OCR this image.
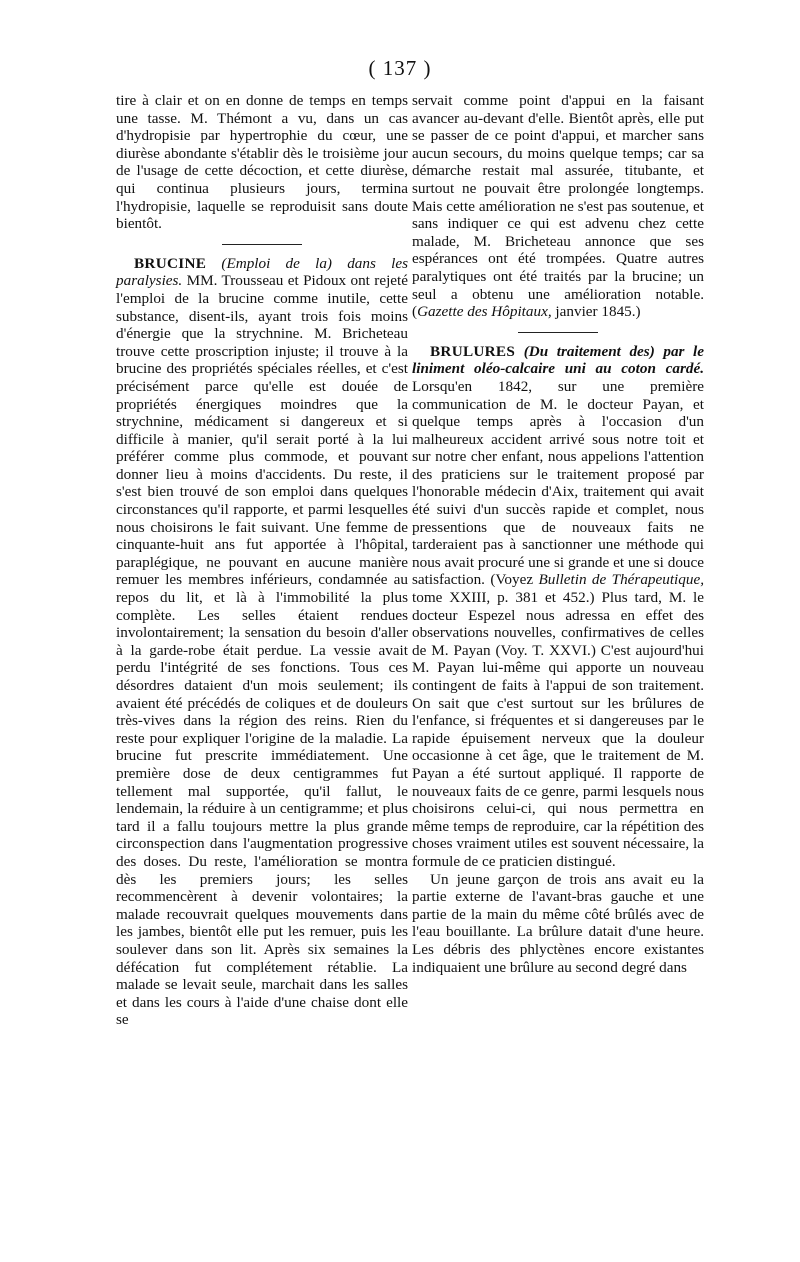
( 137 )

tire à clair et on en donne de temps en temps une tasse. M. Thémont a vu, dans un cas d'hydropisie par hypertrophie du cœur, une diurèse abondante s'établir dès le troisième jour de l'usage de cette décoction, et cette diurèse, qui continua plusieurs jours, termina l'hydropisie, laquelle se reproduisit sans doute bientôt.

BRUCINE (Emploi de la) dans les paralysies. MM. Trousseau et Pidoux ont rejeté l'emploi de la brucine comme inutile, cette substance, disent-ils, ayant trois fois moins d'énergie que la strychnine. M. Bricheteau trouve cette proscription injuste; il trouve à la brucine des propriétés spéciales réelles, et c'est précisément parce qu'elle est douée de propriétés énergiques moindres que la strychnine, médicament si dangereux et si difficile à manier, qu'il serait porté à la lui préférer comme plus commode, et pouvant donner lieu à moins d'accidents. Du reste, il s'est bien trouvé de son emploi dans quelques circonstances qu'il rapporte, et parmi lesquelles nous choisirons le fait suivant. Une femme de cinquante-huit ans fut apportée à l'hôpital, paraplégique, ne pouvant en aucune manière remuer les membres inférieurs, condamnée au repos du lit, et là à l'immobilité la plus complète. Les selles étaient rendues involontairement; la sensation du besoin d'aller à la garde-robe était perdue. La vessie avait perdu l'intégrité de ses fonctions. Tous ces désordres dataient d'un mois seulement; ils avaient été précédés de coliques et de douleurs très-vives dans la région des reins. Rien du reste pour expliquer l'origine de la maladie. La brucine fut prescrite immédiatement. Une première dose de deux centigrammes fut tellement mal supportée, qu'il fallut, le lendemain, la réduire à un centigramme; et plus tard il a fallu toujours mettre la plus grande circonspection dans l'augmentation progressive des doses. Du reste, l'amélioration se montra dès les premiers jours; les selles recommencèrent à devenir volontaires; la malade recouvrait quelques mouvements dans les jambes, bientôt elle put les remuer, puis les soulever dans son lit. Après six semaines la défécation fut complétement rétablie. La malade se levait seule, marchait dans les salles et dans les cours à l'aide d'une chaise dont elle se

servait comme point d'appui en la faisant avancer au-devant d'elle. Bientôt après, elle put se passer de ce point d'appui, et marcher sans aucun secours, du moins quelque temps; car sa démarche restait mal assurée, titubante, et surtout ne pouvait être prolongée longtemps. Mais cette amélioration ne s'est pas soutenue, et sans indiquer ce qui est advenu chez cette malade, M. Bricheteau annonce que ses espérances ont été trompées. Quatre autres paralytiques ont été traités par la brucine; un seul a obtenu une amélioration notable. (Gazette des Hôpitaux, janvier 1845.)

BRULURES (Du traitement des) par le liniment oléo-calcaire uni au coton cardé. Lorsqu'en 1842, sur une première communication de M. le docteur Payan, et quelque temps après à l'occasion d'un malheureux accident arrivé sous notre toit et sur notre cher enfant, nous appelions l'attention des praticiens sur le traitement proposé par l'honorable médecin d'Aix, traitement qui avait été suivi d'un succès rapide et complet, nous pressentions que de nouveaux faits ne tarderaient pas à sanctionner une méthode qui nous avait procuré une si grande et une si douce satisfaction. (Voyez Bulletin de Thérapeutique, tome XXIII, p. 381 et 452.) Plus tard, M. le docteur Espezel nous adressa en effet des observations nouvelles, confirmatives de celles de M. Payan (Voy. T. XXVI.) C'est aujourd'hui M. Payan lui-même qui apporte un nouveau contingent de faits à l'appui de son traitement. On sait que c'est surtout sur les brûlures de l'enfance, si fréquentes et si dangereuses par le rapide épuisement nerveux que la douleur occasionne à cet âge, que le traitement de M. Payan a été surtout appliqué. Il rapporte de nouveaux faits de ce genre, parmi lesquels nous choisirons celui-ci, qui nous permettra en même temps de reproduire, car la répétition des choses vraiment utiles est souvent nécessaire, la formule de ce praticien distingué.

Un jeune garçon de trois ans avait eu la partie externe de l'avant-bras gauche et une partie de la main du même côté brûlés avec de l'eau bouillante. La brûlure datait d'une heure. Les débris des phlyctènes encore existantes indiquaient une brûlure au second degré dans
